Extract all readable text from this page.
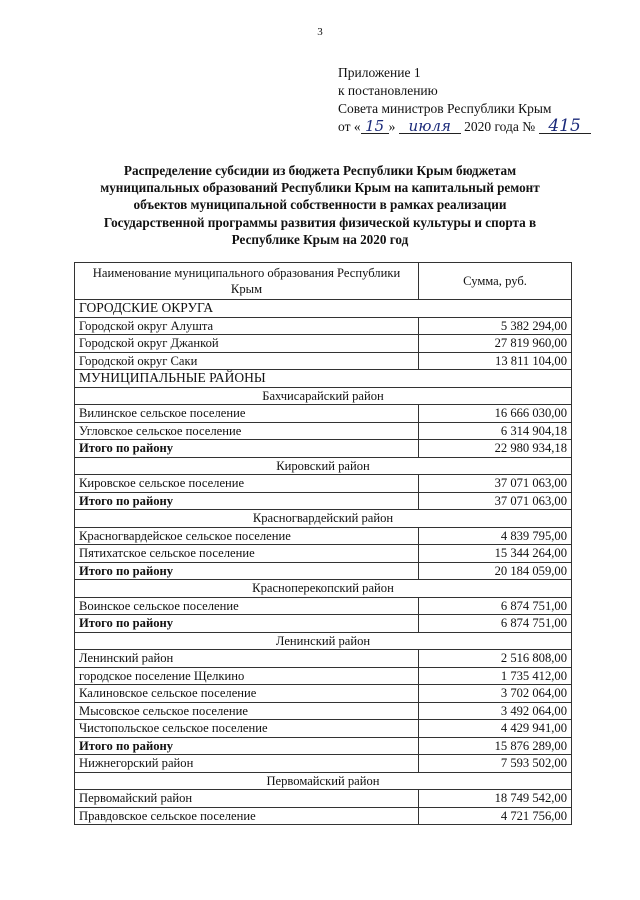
3
Приложение 1
к постановлению
Совета министров Республики Крым
от « 15 » июля 2020 года № 415
Распределение субсидии из бюджета Республики Крым бюджетам
муниципальных образований Республики Крым на капитальный ремонт
объектов муниципальной собственности в рамках реализации
Государственной программы развития физической культуры и спорта в
Республике Крым на 2020 год
Наименование муниципального образования Республики Крым	Сумма, руб.
ГОРОДСКИЕ ОКРУГА	
Городской округ Алушта	5 382 294,00
Городской округ Джанкой	27 819 960,00
Городской округ Саки	13 811 104,00
МУНИЦИПАЛЬНЫЕ РАЙОНЫ	
Бахчисарайский район	
Вилинское сельское поселение	16 666 030,00
Угловское сельское поселение	6 314 904,18
Итого по району	22 980 934,18
Кировский район	
Кировское сельское поселение	37 071 063,00
Итого по району	37 071 063,00
Красногвардейский район	
Красногвардейское сельское поселение	4 839 795,00
Пятихатское сельское поселение	15 344 264,00
Итого по району	20 184 059,00
Красноперекопский район	
Воинское сельское поселение	6 874 751,00
Итого по району	6 874 751,00
Ленинский район	
Ленинский район	2 516 808,00
городское поселение Щелкино	1 735 412,00
Калиновское сельское поселение	3 702 064,00
Мысовское сельское поселение	3 492 064,00
Чистопольское сельское поселение	4 429 941,00
Итого по району	15 876 289,00
Нижнегорский район	7 593 502,00
Первомайский район	
Первомайский район	18 749 542,00
Правдовское сельское поселение	4 721 756,00
